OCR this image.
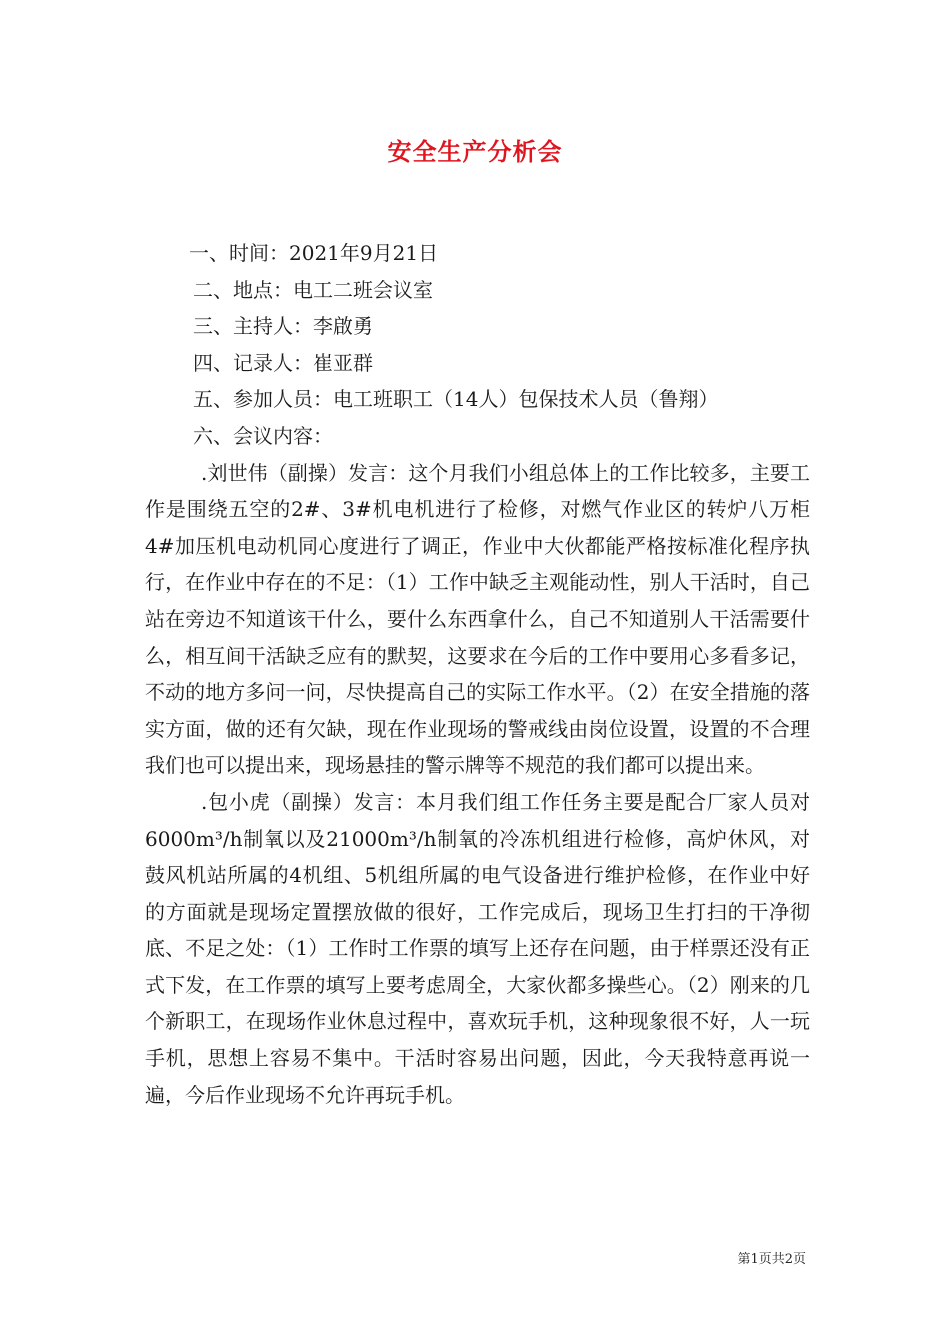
安全生产分析会

一、时间：2021年9月21日

二、地点：电工二班会议室

三、主持人：李啟勇

四、记录人：崔亚群

五、参加人员：电工班职工（14人）包保技术人员（鲁翔）

六、会议内容：

.刘世伟（副操）发言：这个月我们小组总体上的工作比较多，主要工作是围绕五空的2#、3#机电机进行了检修，对燃气作业区的转炉八万柜4#加压机电动机同心度进行了调正，作业中大伙都能严格按标准化程序执行，在作业中存在的不足：（1）工作中缺乏主观能动性，别人干活时，自己站在旁边不知道该干什么，要什么东西拿什么，自己不知道别人干活需要什么，相互间干活缺乏应有的默契，这要求在今后的工作中要用心多看多记，不动的地方多问一问，尽快提高自己的实际工作水平。（2）在安全措施的落实方面，做的还有欠缺，现在作业现场的警戒线由岗位设置，设置的不合理我们也可以提出来，现场悬挂的警示牌等不规范的我们都可以提出来。

.包小虎（副操）发言：本月我们组工作任务主要是配合厂家人员对6000m³/h制氧以及21000m³/h制氧的冷冻机组进行检修，高炉休风，对鼓风机站所属的4机组、5机组所属的电气设备进行维护检修，在作业中好的方面就是现场定置摆放做的很好，工作完成后，现场卫生打扫的干净彻底、不足之处：（1）工作时工作票的填写上还存在问题，由于样票还没有正式下发，在工作票的填写上要考虑周全，大家伙都多操些心。（2）刚来的几个新职工，在现场作业休息过程中，喜欢玩手机，这种现象很不好，人一玩手机，思想上容易不集中。干活时容易出问题，因此，今天我特意再说一遍，今后作业现场不允许再玩手机。

第1页共2页
